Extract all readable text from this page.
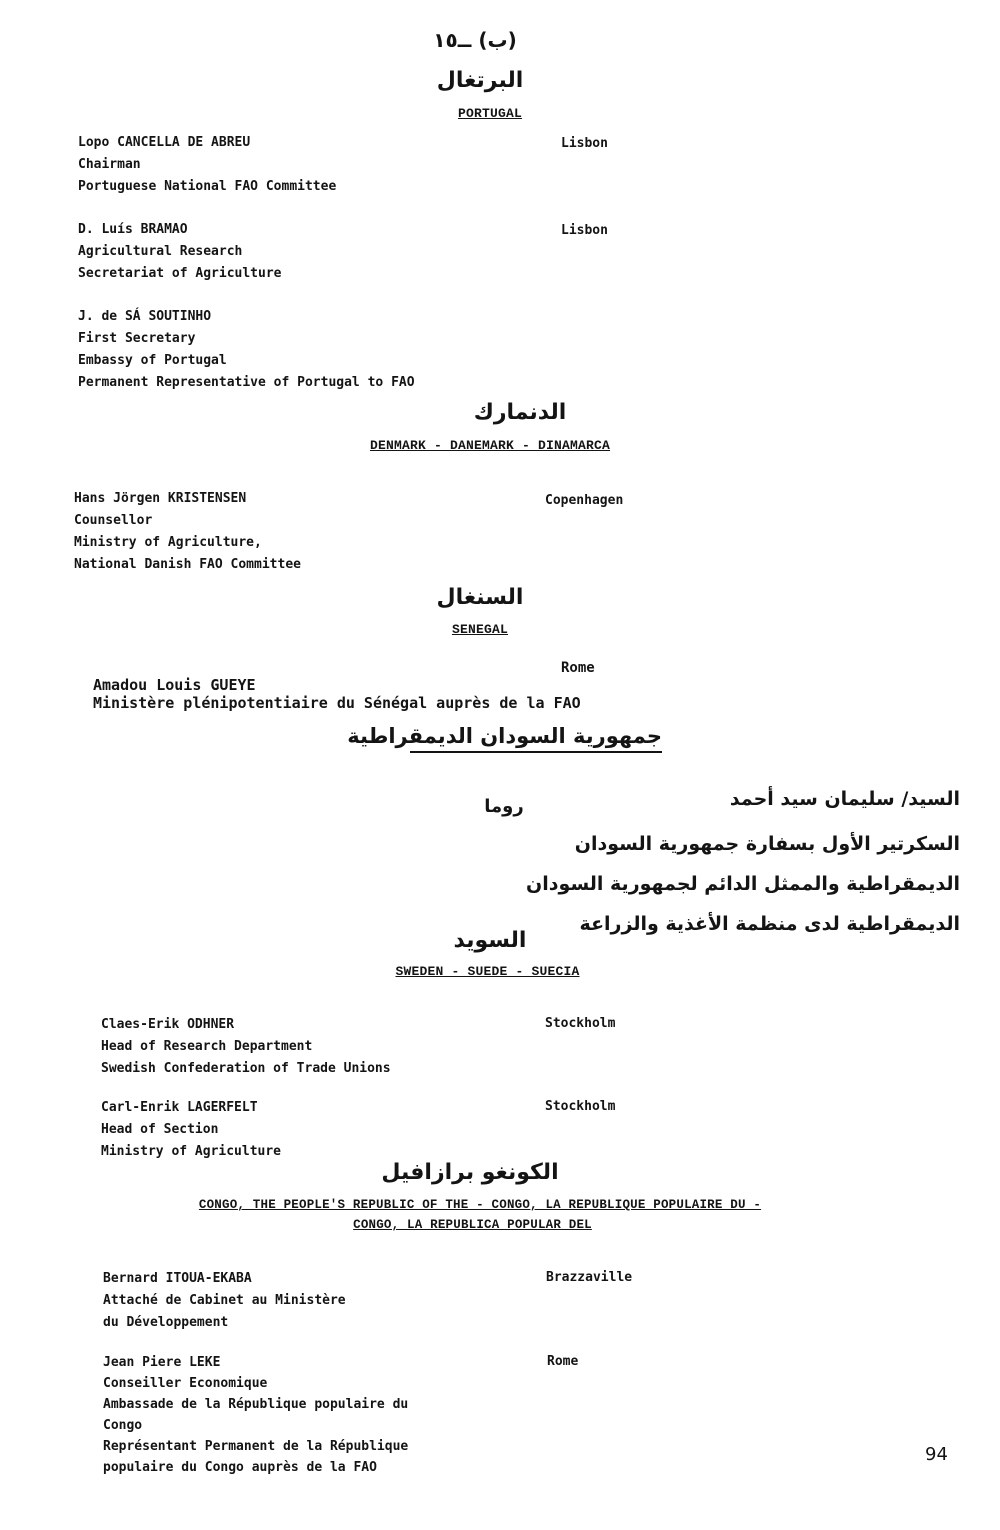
(ب) ــ١٥
البرتغال
PORTUGAL
Lopo CANCELLA DE ABREU
Chairman
Portuguese National FAO Committee
Lisbon
D. Luís BRAMAO
Agricultural Research
Secretariat of Agriculture
Lisbon
J. de SÁ SOUTINHO
First Secretary
Embassy of Portugal
Permanent Representative of Portugal to FAO
الدنمارك
DENMARK - DANEMARK - DINAMARCA
Hans Jörgen KRISTENSEN
Counsellor
Ministry of Agriculture,
National Danish FAO Committee
Copenhagen
السنغال
SENEGAL
Rome
Amadou Louis GUEYE
Ministère plénipotentiaire du Sénégal auprès de la FAO
جمهورية السودان الديمقراطية
روما	السيد/ سليمان سيد أحمد
السكرتير الأول بسفارة جمهورية السودان
الديمقراطية والممثل الدائم لجمهورية السودان
الديمقراطية لدى منظمة الأغذية والزراعة
السويد
SWEDEN - SUEDE - SUECIA
Claes-Erik ODHNER
Head of Research Department
Swedish Confederation of Trade Unions
Stockholm
Carl-Enrik LAGERFELT
Head of Section
Ministry of Agriculture
Stockholm
الكونغو برازافيل
CONGO, THE PEOPLE'S REPUBLIC OF THE - CONGO, LA REPUBLIQUE POPULAIRE DU -
CONGO, LA REPUBLICA POPULAR DEL
Bernard ITOUA-EKABA
Attaché de Cabinet au Ministère
du Développement
Brazzaville
Jean Piere LEKE
Conseiller Economique
Ambassade de la République populaire du
Congo
Représentant Permanent de la République
populaire du Congo auprès de la FAO
Rome
94
